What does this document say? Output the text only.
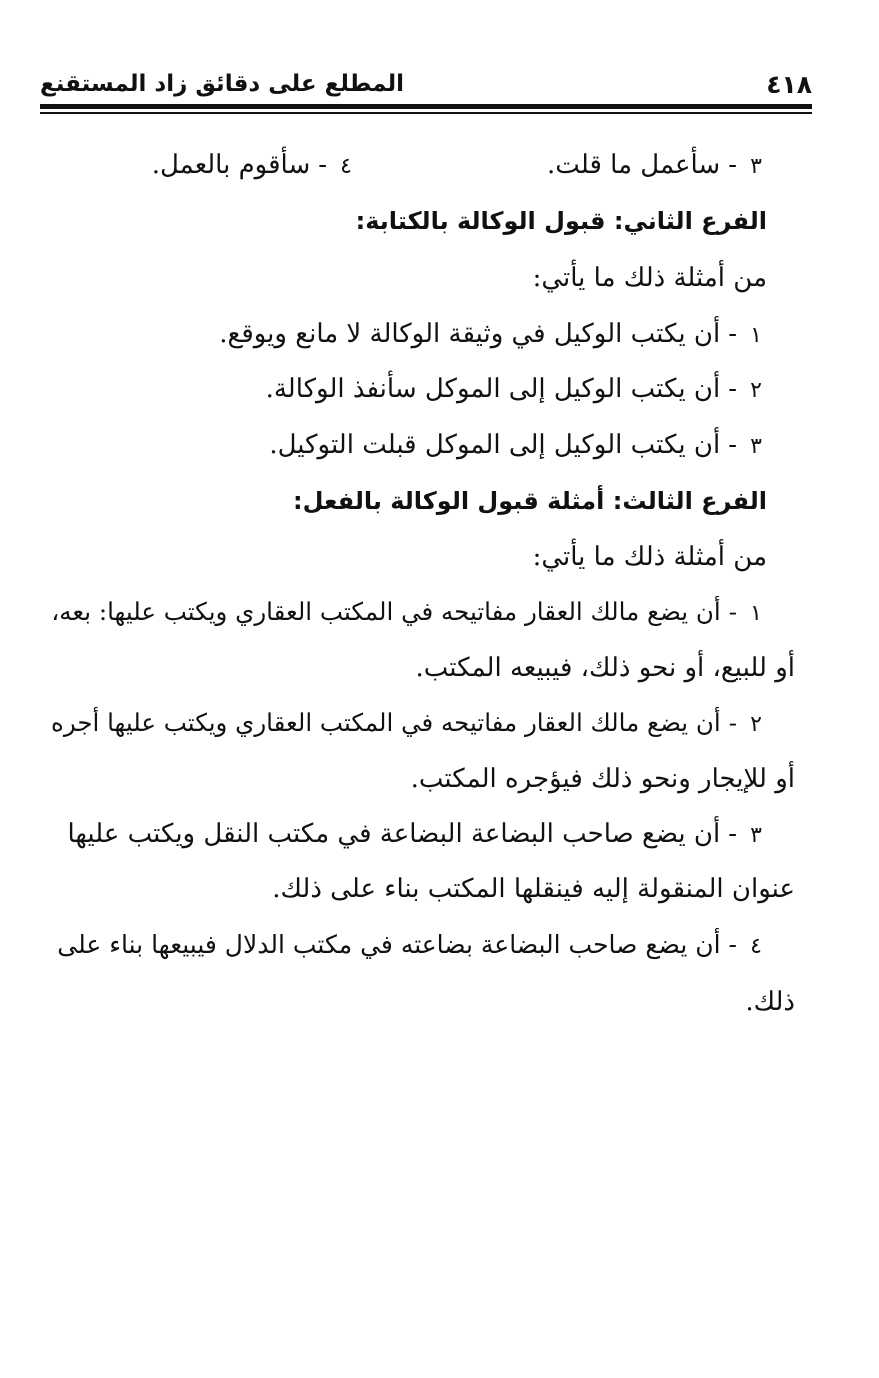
٤١٨
المطلع على دقائق زاد المستقنع
٣-سأعمل ما قلت.
٤-سأقوم بالعمل.
الفرع الثاني: قبول الوكالة بالكتابة:
من أمثلة ذلك ما يأتي:
١-أن يكتب الوكيل في وثيقة الوكالة لا مانع ويوقع.
٢-أن يكتب الوكيل إلى الموكل سأنفذ الوكالة.
٣-أن يكتب الوكيل إلى الموكل قبلت التوكيل.
الفرع الثالث: أمثلة قبول الوكالة بالفعل:
من أمثلة ذلك ما يأتي:
١-أن يضع مالك العقار مفاتيحه في المكتب العقاري ويكتب عليها: بعه،
أو للبيع، أو نحو ذلك، فيبيعه المكتب.
٢-أن يضع مالك العقار مفاتيحه في المكتب العقاري ويكتب عليها أجره
أو للإيجار ونحو ذلك فيؤجره المكتب.
٣-أن يضع صاحب البضاعة البضاعة في مكتب النقل ويكتب عليها
عنوان المنقولة إليه فينقلها المكتب بناء على ذلك.
٤-أن يضع صاحب البضاعة بضاعته في مكتب الدلال فيبيعها بناء على
ذلك.
